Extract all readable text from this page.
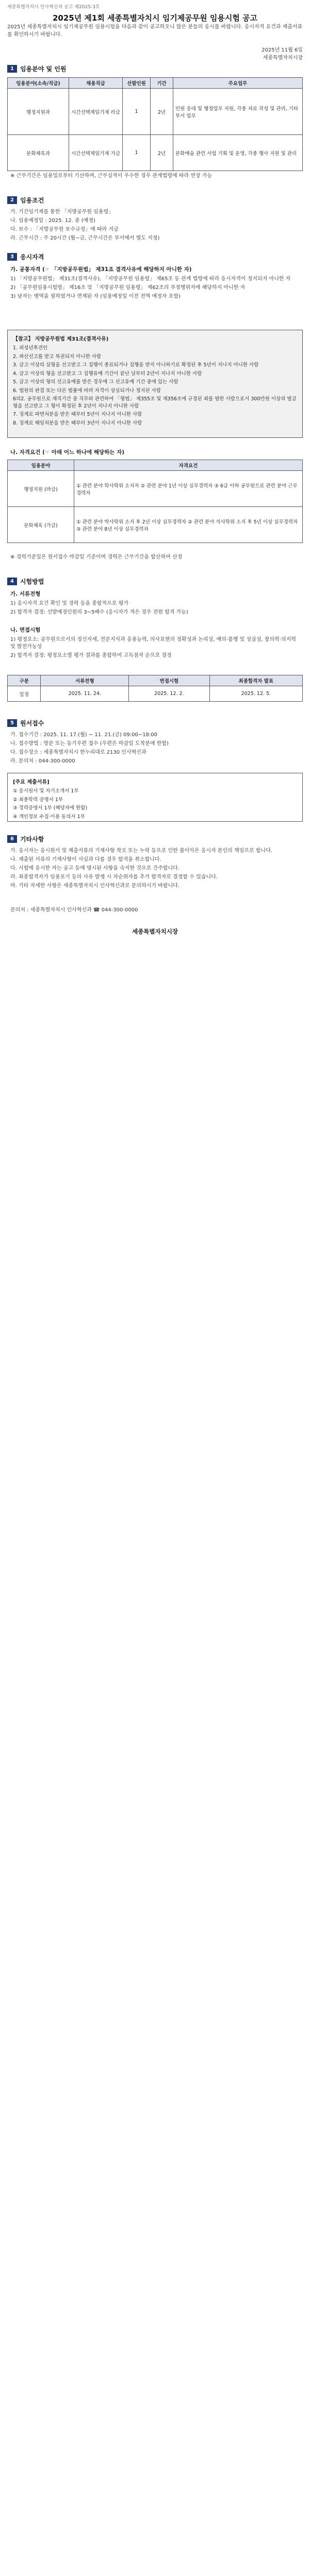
세종특별자치시 인사혁신처 공고 제2025-3호
2025년 제1회 세종특별자치시 임기제공무원 임용시험 공고
2025년 세종특별자치시 임기제공무원 임용시험을 다음과 같이 공고하오니 많은 분들의 응시를 바랍니다. 응시자격 요건과 제출서류를 확인하시기 바랍니다.
2025년 11월 6일
세종특별자치시장
1	임용분야 및 인원
임용분야(소속/직급)	채용직급	선발인원	기간	주요업무
행정지원과	시간선택제임기제 라급	1	2년	민원 응대 및 행정업무 지원, 각종 자료 작성 및 관리, 기타 부서 업무
문화체육과	시간선택제임기제 가급	1	2년	문화예술 관련 사업 기획 및 운영, 각종 행사 지원 및 관리
※ 근무기간은 임용일로부터 기산하며, 근무실적이 우수한 경우 관계법령에 따라 연장 가능
2	임용조건
가. 기간임기제를 통한 「지방공무원 임용령」
나. 임용예정일 : 2025. 12. 중 (예정)
다. 보수 : 「지방공무원 보수규정」에 따라 지급
라. 근무시간 : 주 20시간 (월~금, 근무시간은 부서에서 별도 지정)
3	응시자격
가. 공통자격 (☞ 「지방공무원법」 제31조 결격사유에 해당하지 아니한 자)
1) 「지방공무원법」 제31조(결격사유), 「지방공무원 임용령」 제65조 등 관계 법령에 따라 응시자격이 정지되지 아니한 자
2) 「공무원임용시험령」 제16조 및 「지방공무원 임용령」 제62조의 부정행위자에 해당하지 아니한 자
3) 남자는 병역을 필하였거나 면제된 자 (임용예정일 이전 전역 예정자 포함)
【참고】 지방공무원법 제31조(결격사유)
1. 피성년후견인
2. 파산선고를 받고 복권되지 아니한 사람
3. 금고 이상의 실형을 선고받고 그 집행이 종료되거나 집행을 받지 아니하기로 확정된 후 5년이 지나지 아니한 사람
4. 금고 이상의 형을 선고받고 그 집행유예 기간이 끝난 날부터 2년이 지나지 아니한 사람
5. 금고 이상의 형의 선고유예를 받은 경우에 그 선고유예 기간 중에 있는 사람
6. 법원의 판결 또는 다른 법률에 따라 자격이 상실되거나 정지된 사람
6의2. 공무원으로 재직기간 중 직무와 관련하여 「형법」 제355조 및 제356조에 규정된 죄를 범한 사람으로서 300만원 이상의 벌금형을 선고받고 그 형이 확정된 후 2년이 지나지 아니한 사람
7. 징계로 파면처분을 받은 때부터 5년이 지나지 아니한 사람
8. 징계로 해임처분을 받은 때부터 3년이 지나지 아니한 사람
나. 자격요건 (☞ 아래 어느 하나에 해당하는 자)
임용분야	자격요건
행정지원 (라급)	① 관련 분야 학사학위 소지자 ② 관련 분야 1년 이상 실무경력자 ③ 6급 이하 공무원으로 관련 분야 근무 경력자
문화체육 (가급)	① 관련 분야 박사학위 소지 후 2년 이상 실무경력자 ② 관련 분야 석사학위 소지 후 5년 이상 실무경력자 ③ 관련 분야 8년 이상 실무경력자
※ 경력기준일은 원서접수 마감일 기준이며 경력은 근무기간을 합산하여 산정
4	시험방법
가. 서류전형
1) 응시자격 요건 확인 및 경력 등을 종합적으로 평가
2) 합격자 결정: 선발예정인원의 3~5배수 (응시자가 적은 경우 전원 합격 가능)
나. 면접시험
1) 평정요소: 공무원으로서의 정신자세, 전문지식과 응용능력, 의사표현의 정확성과 논리성, 예의·품행 및 성실성, 창의력·의지력 및 발전가능성
2) 합격자 결정: 평정요소별 평가 결과를 종합하여 고득점자 순으로 결정
구분	서류전형	면접시험	최종합격자 발표
일정	2025. 11. 24.	2025. 12. 2.	2025. 12. 5.
5	원서접수
가. 접수기간 : 2025. 11. 17.(월) ~ 11. 21.(금) 09:00~18:00
나. 접수방법 : 방문 또는 등기우편 접수 (우편은 마감일 도착분에 한함)
다. 접수장소 : 세종특별자치시 한누리대로 2130 인사혁신과
라. 문의처 : 044-300-0000
[주요 제출서류]
① 응시원서 및 자기소개서 1부
② 최종학력 증명서 1부
③ 경력증명서 1부 (해당자에 한함)
④ 개인정보 수집·이용 동의서 1부
6	기타사항
가. 응시자는 응시원서 및 제출서류의 기재사항 착오 또는 누락 등으로 인한 불이익은 응시자 본인의 책임으로 합니다.
나. 제출된 서류의 기재사항이 사실과 다를 경우 합격을 취소합니다.
다. 시험에 응시한 자는 공고 등에 명시된 사항을 숙지한 것으로 간주합니다.
라. 최종합격자가 임용포기 등의 사유 발생 시 차순위자를 추가 합격자로 결정할 수 있습니다.
마. 기타 자세한 사항은 세종특별자치시 인사혁신과로 문의하시기 바랍니다.
문의처 : 세종특별자치시 인사혁신과 ☎ 044-300-0000
세종특별자치시장
